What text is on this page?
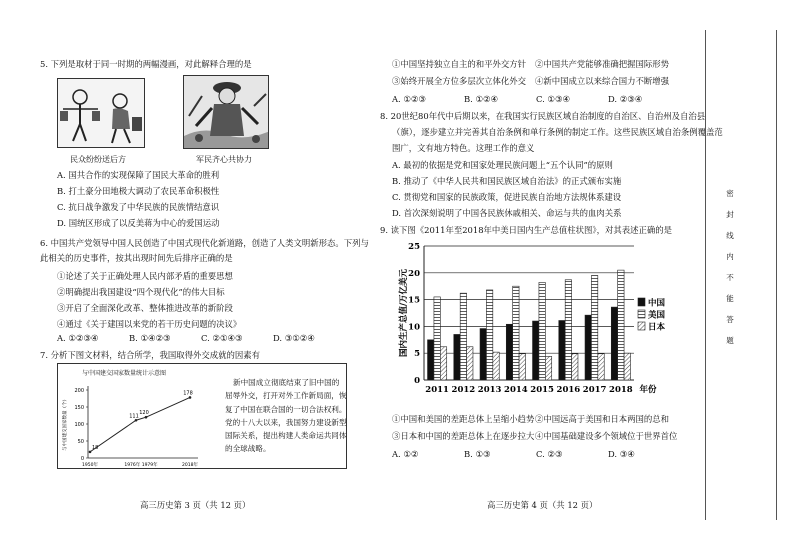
5. 下列是取材于同一时期的两幅漫画，对此解释合理的是
民众纷纷送后方	军民齐心共协力
A. 国共合作的实现保障了国民大革命的胜利
B. 打土豪分田地极大调动了农民革命积极性
C. 抗日战争激发了中华民族的民族情结意识
D. 国统区形成了以反美蒋为中心的爱国运动
6. 中国共产党领导中国人民创造了中国式现代化新道路，创造了人类文明新形态。下列与
此相关的历史事件，按其出现时间先后排序正确的是
①论述了关于正确处理人民内部矛盾的重要思想
②明确提出我国建设“四个现代化”的伟大目标
③开启了全面深化改革、整体推进改革的新阶段
④通过《关于建国以来党的若干历史问题的决议》
A. ①②③④	B. ①④②③	C. ②①④③	D. ③①②④
7. 分析下图文材料，结合所学，我国取得外交成就的因素有
与中国建交国家数量统计示意图
0
50
100
150
200
与中国建交国家数量（个）	18
111
120
178
1950年	1976年 1979年	2018年
新中国成立彻底结束了旧中国的
屈辱外交，打开对外工作新局面，恢
复了中国在联合国的一切合法权利。
党的十八大以来，我国努力建设新型
国际关系，提出构建人类命运共同体
的全球战略。
高三历史第 3 页（共 12 页）
①中国坚持独立自主的和平外交方针 ②中国共产党能够准确把握国际形势
③始终开展全方位多层次立体化外交 ④新中国成立以来综合国力不断增强
A. ①②③	B. ①②④	C. ①③④	D. ②③④
8. 20世纪80年代中后期以来，在我国实行民族区域自治制度的自治区、自治州及自治县
（旗），逐步建立并完善其自治条例和单行条例的制定工作。这些民族区域自治条例覆盖范
围广，文有地方特色。这理工作的意义
A. 最初的依据是党和国家处理民族问题上“五个认同”的原则
B. 推动了《中华人民共和国民族区域自治法》的正式颁布实施
C. 贯彻党和国家的民族政策，促进民族自治地方法规体系建设
D. 首次深刻说明了中国各民族休戚相关、命运与共的血肉关系
9. 读下图《2011年至2018年中美日国内生产总值柱状图》，对其表述正确的是
0
5
10
15
20
25
国内生产总值/万亿美元
2011 2012 2013 2014 2015 2016 2017 2018 年份
中国
美国
日本
①中国和美国的差距总体上呈缩小趋势 ②中国远高于美国和日本两国的总和
③日本和中国的差距总体上在逐步拉大 ④中国基础建设多个领域位于世界首位
A. ①②	B. ①③	C. ②③	D. ③④
高三历史第 4 页（共 12 页）
密
封
线
内
不
能
答
题
